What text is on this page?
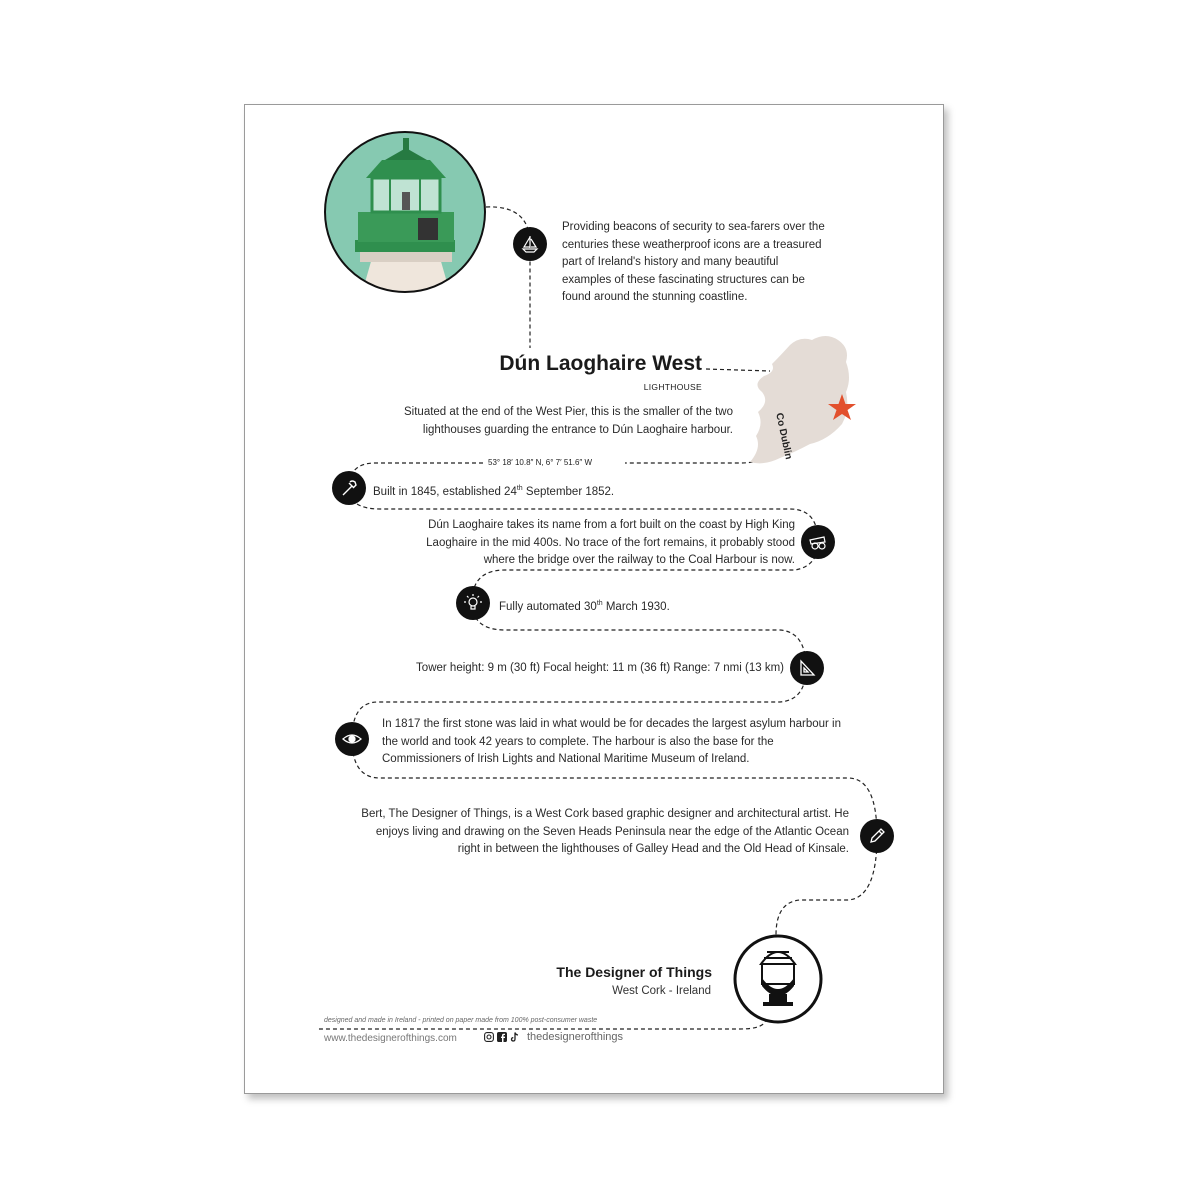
Providing beacons of security to sea-farers over the centuries these weatherproof icons are a treasured part of Ireland's history and many beautiful examples of these fascinating structures can be found around the stunning coastline.

Dún Laoghaire West
LIGHTHOUSE
Co Dublin

Situated at the end of the West Pier, this is the smaller of the two lighthouses guarding the entrance to Dún Laoghaire harbour.

53° 18′ 10.8″ N, 6° 7′ 51.6″ W

Built in 1845, established 24th September 1852.

Dún Laoghaire takes its name from a fort built on the coast by High King Laoghaire in the mid 400s. No trace of the fort remains, it probably stood where the bridge over the railway to the Coal Harbour is now.

Fully automated 30th March 1930.

Tower height: 9 m (30 ft) Focal height: 11 m (36 ft) Range: 7 nmi (13 km)

In 1817 the first stone was laid in what would be for decades the largest asylum harbour in the world and took 42 years to complete. The harbour is also the base for the Commissioners of Irish Lights and National Maritime Museum of Ireland.

Bert, The Designer of Things, is a West Cork based graphic designer and architectural artist. He enjoys living and drawing on the Seven Heads Peninsula near the edge of the Atlantic Ocean right in between the lighthouses of Galley Head and the Old Head of Kinsale.

The Designer of Things
West Cork - Ireland
designed and made in Ireland - printed on paper made from 100% post-consumer waste
www.thedesignerofthings.com	thedesignerofthings
